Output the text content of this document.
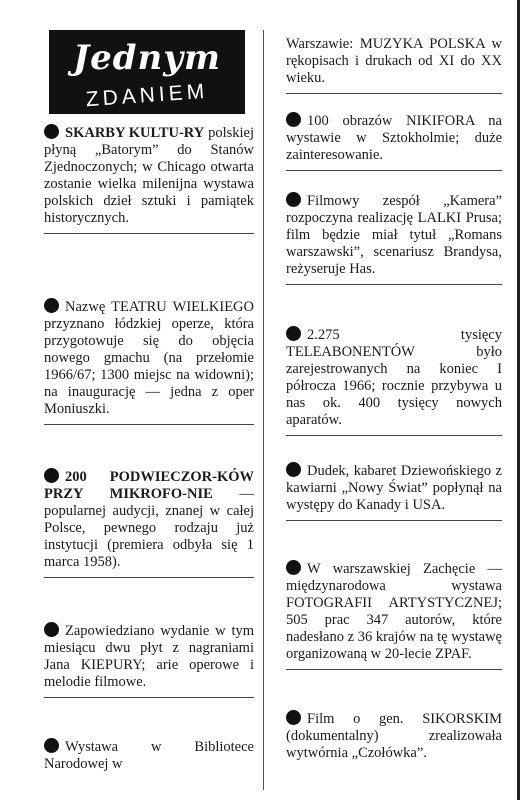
Jednym
ZDANIEM
SKARBY KULTU-RY polskiej płyną „Batorym” do Stanów Zjednoczonych; w Chicago otwarta zostanie wielka milenijna wystawa polskich dzieł sztuki i pamiątek historycznych.
Nazwę TEATRU WIELKIEGO przyznano łódzkiej operze, która przygotowuje się do objęcia nowego gmachu (na przełomie 1966/67; 1300 miejsc na widowni); na inaugurację — jedna z oper Moniuszki.
200 PODWIECZOR-KÓW PRZY MIKROFO-NIE — popularnej audycji, znanej w całej Polsce, pewnego rodzaju już instytucji (premiera odbyła się 1 marca 1958).
Zapowiedziano wydanie w tym miesiącu dwu płyt z nagraniami Jana KIEPURY; arie operowe i melodie filmowe.
Wystawa w Bibliotece Narodowej w
Warszawie: MUZYKA POLSKA w rękopisach i drukach od XI do XX wieku.
100 obrazów NIKIFORA na wystawie w Sztokholmie; duże zainteresowanie.
Filmowy zespół „Kamera” rozpoczyna realizację LALKI Prusa; film będzie miał tytuł „Romans warszawski”, scenariusz Brandysa, reżyseruje Has.
2.275 tysięcy TELEABONENTÓW było zarejestrowanych na koniec I półrocza 1966; rocznie przybywa u nas ok. 400 tysięcy nowych aparatów.
Dudek, kabaret Dziewońskiego z kawiarni „Nowy Świat” popłynął na występy do Kanady i USA.
W warszawskiej Zachęcie — międzynarodowa wystawa FOTOGRAFII ARTYSTYCZNEJ; 505 prac 347 autorów, które nadesłano z 36 krajów na tę wystawę organizowaną w 20-lecie ZPAF.
Film o gen. SIKORSKIM (dokumentalny) zrealizowała wytwórnia „Czołówka”.
